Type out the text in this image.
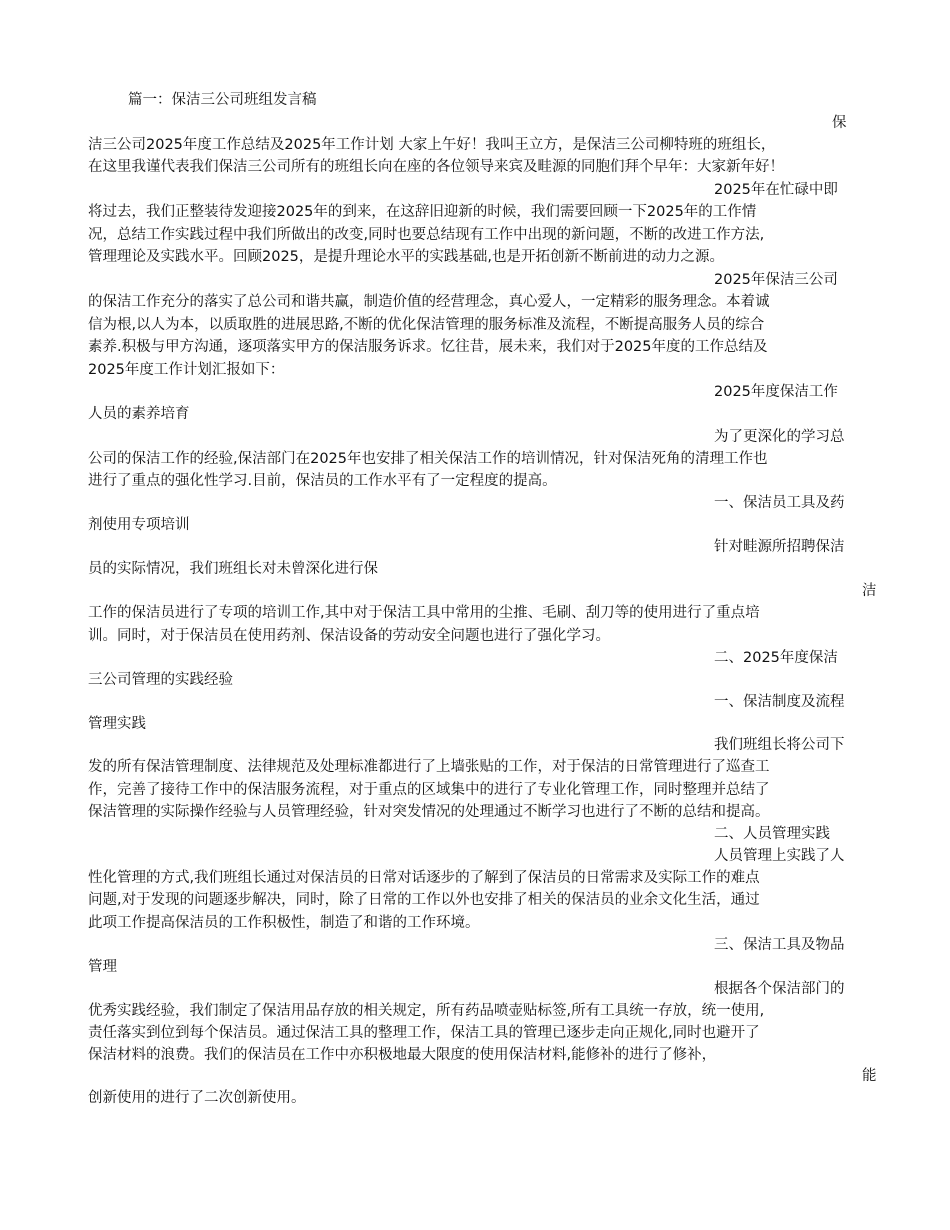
篇一：保洁三公司班组发言稿
保
洁三公司2025年度工作总结及2025年工作计划 大家上午好！我叫王立方，是保洁三公司柳特班的班组长，
在这里我谨代表我们保洁三公司所有的班组长向在座的各位领导来宾及畦源的同胞们拜个早年：大家新年好！
2025年在忙碌中即
将过去，我们正整装待发迎接2025年的到来，在这辞旧迎新的时候，我们需要回顾一下2025年的工作情
况，总结工作实践过程中我们所做出的改变,同时也要总结现有工作中出现的新问题，不断的改进工作方法,
管理理论及实践水平。回顾2025，是提升理论水平的实践基础,也是开拓创新不断前进的动力之源。
2025年保洁三公司
的保洁工作充分的落实了总公司和谐共赢，制造价值的经营理念，真心爱人，一定精彩的服务理念。本着诚
信为根,以人为本，以质取胜的进展思路,不断的优化保洁管理的服务标准及流程，不断提高服务人员的综合
素养.积极与甲方沟通，逐项落实甲方的保洁服务诉求。忆往昔，展未来，我们对于2025年度的工作总结及
2025年度工作计划汇报如下：
2025年度保洁工作
人员的素养培育
为了更深化的学习总
公司的保洁工作的经验,保洁部门在2025年也安排了相关保洁工作的培训情况，针对保洁死角的清理工作也
进行了重点的强化性学习.目前，保洁员的工作水平有了一定程度的提高。
一、保洁员工具及药
剂使用专项培训
针对畦源所招聘保洁
员的实际情况，我们班组长对未曾深化进行保
洁
工作的保洁员进行了专项的培训工作,其中对于保洁工具中常用的尘推、毛刷、刮刀等的使用进行了重点培
训。同时，对于保洁员在使用药剂、保洁设备的劳动安全问题也进行了强化学习。
二、2025年度保洁
三公司管理的实践经验
一、保洁制度及流程
管理实践
我们班组长将公司下
发的所有保洁管理制度、法律规范及处理标准都进行了上墙张贴的工作，对于保洁的日常管理进行了巡查工
作，完善了接待工作中的保洁服务流程，对于重点的区域集中的进行了专业化管理工作，同时整理并总结了
保洁管理的实际操作经验与人员管理经验，针对突发情况的处理通过不断学习也进行了不断的总结和提高。
二、人员管理实践
人员管理上实践了人
性化管理的方式,我们班组长通过对保洁员的日常对话逐步的了解到了保洁员的日常需求及实际工作的难点
问题,对于发现的问题逐步解决，同时，除了日常的工作以外也安排了相关的保洁员的业余文化生活，通过
此项工作提高保洁员的工作积极性，制造了和谐的工作环境。
三、保洁工具及物品
管理
根据各个保洁部门的
优秀实践经验，我们制定了保洁用品存放的相关规定，所有药品喷壶贴标签,所有工具统一存放，统一使用,
责任落实到位到每个保洁员。通过保洁工具的整理工作，保洁工具的管理已逐步走向正规化,同时也避开了
保洁材料的浪费。我们的保洁员在工作中亦积极地最大限度的使用保洁材料,能修补的进行了修补，
能
创新使用的进行了二次创新使用。
